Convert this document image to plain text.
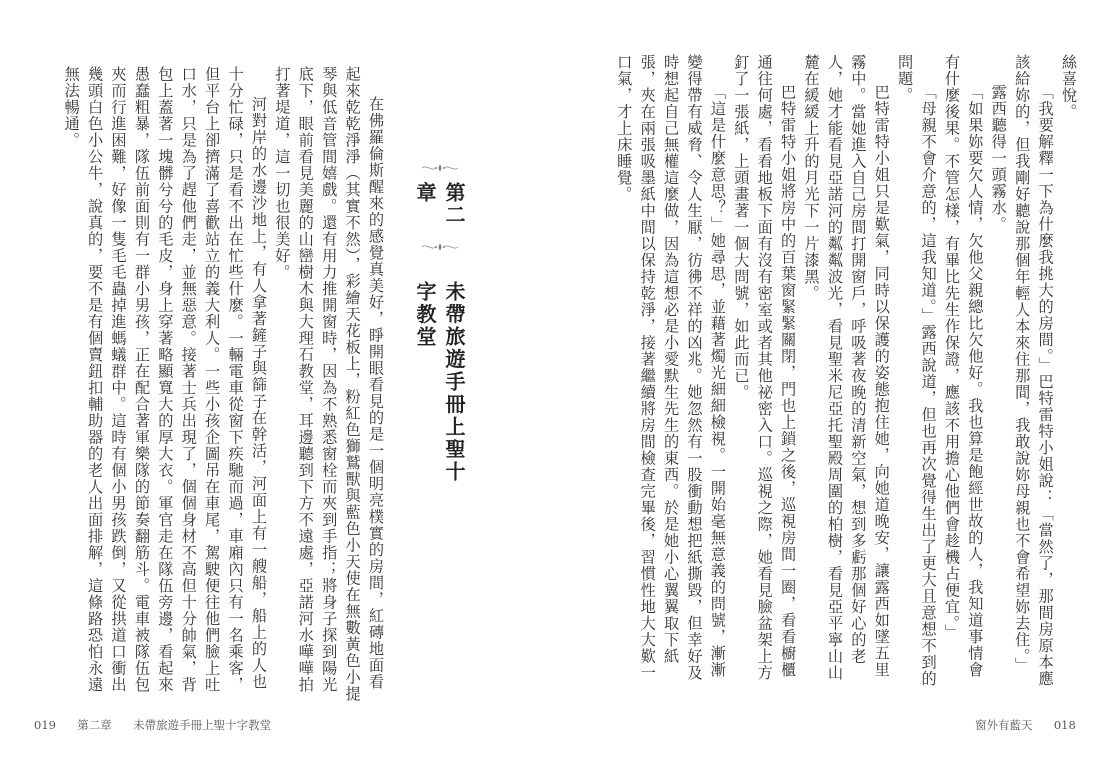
在佛羅倫斯醒來的感覺真美好，睜開眼看見的是一個明亮樸實的房間，紅磚地面看起來乾乾淨淨（其實不然），彩繪天花板上，粉紅色獅鷲獸與藍色小天使在無數黃色小提琴與低音管間嬉戲。還有用力推開窗時，因為不熟悉窗栓而夾到手指；將身子探到陽光底下，眼前看見美麗的山巒樹木與大理石教堂，耳邊聽到下方不遠處，亞諾河水嘩嘩拍打著堤道，這一切也很美好。

河對岸的水邊沙地上，有人拿著鏟子與篩子在幹活，河面上有一艘船，船上的人也十分忙碌，只是看不出在忙些什麼。一輛電車從窗下疾馳而過，車廂內只有一名乘客，但平台上卻擠滿了喜歡站立的義大利人。一些小孩企圖吊在車尾，駕駛便往他們臉上吐口水，只是為了趕他們走，並無惡意。接著士兵出現了，個個身材不高但十分帥氣，背包上蓋著一塊髒兮兮的毛皮，身上穿著略顯寬大的厚大衣。軍官走在隊伍旁邊，看起來愚蠢粗暴，隊伍前面則有一群小男孩，正在配合著軍樂隊的節奏翻筋斗。電車被隊伍包夾而行進困難，好像一隻毛毛蟲掉進螞蟻群中。這時有個小男孩跌倒，又從拱道口衝出幾頭白色小公牛，說真的，要不是有個賣鈕扣輔助器的老人出面排解，這條路恐怕永遠無法暢通。

第二章
未帶旅遊手冊上聖十字教堂
019 第二章 未帶旅遊手冊上聖十字教堂	窗外有藍天 018

絲喜悅。

「我要解釋一下為什麼我挑大的房間。」巴特雷特小姐說：「當然了，那間房原本應該給妳的，但我剛好聽說那個年輕人本來住那間，我敢說妳母親也不會希望妳去住。」

露西聽得一頭霧水。

「如果妳要欠人情，欠他父親總比欠他好。我也算是飽經世故的人，我知道事情會有什麼後果。不管怎樣，有畢比先生作保證，應該不用擔心他們會趁機占便宜。」

「母親不會介意的，這我知道。」露西說道，但也再次覺得生出了更大且意想不到的問題。

巴特雷特小姐只是歎氣，同時以保護的姿態抱住她，向她道晚安，讓露西如墜五里霧中。當她進入自己房間打開窗戶，呼吸著夜晚的清新空氣，想到多虧那個好心的老人，她才能看見亞諾河的粼粼波光，看見聖米尼亞托聖殿周圍的柏樹，看見亞平寧山山麓在緩緩上升的月光下一片漆黑。

巴特雷特小姐將房中的百葉窗緊緊關閉，門也上鎖之後，巡視房間一圈，看看櫥櫃通往何處，看看地板下面有沒有密室或者其他祕密入口。巡視之際，她看見臉盆架上方釘了一張紙，上頭畫著一個大問號，如此而已。

「這是什麼意思？」她尋思，並藉著燭光細細檢視。一開始毫無意義的問號，漸漸變得帶有威脅、令人生厭，彷彿不祥的凶兆。她忽然有一股衝動想把紙撕毀，但幸好及時想起自己無權這麼做，因為這想必是小愛默生先生的東西。於是她小心翼翼取下紙張，夾在兩張吸墨紙中間以保持乾淨，接著繼續將房間檢查完畢後，習慣性地大大歎一口氣，才上床睡覺。
